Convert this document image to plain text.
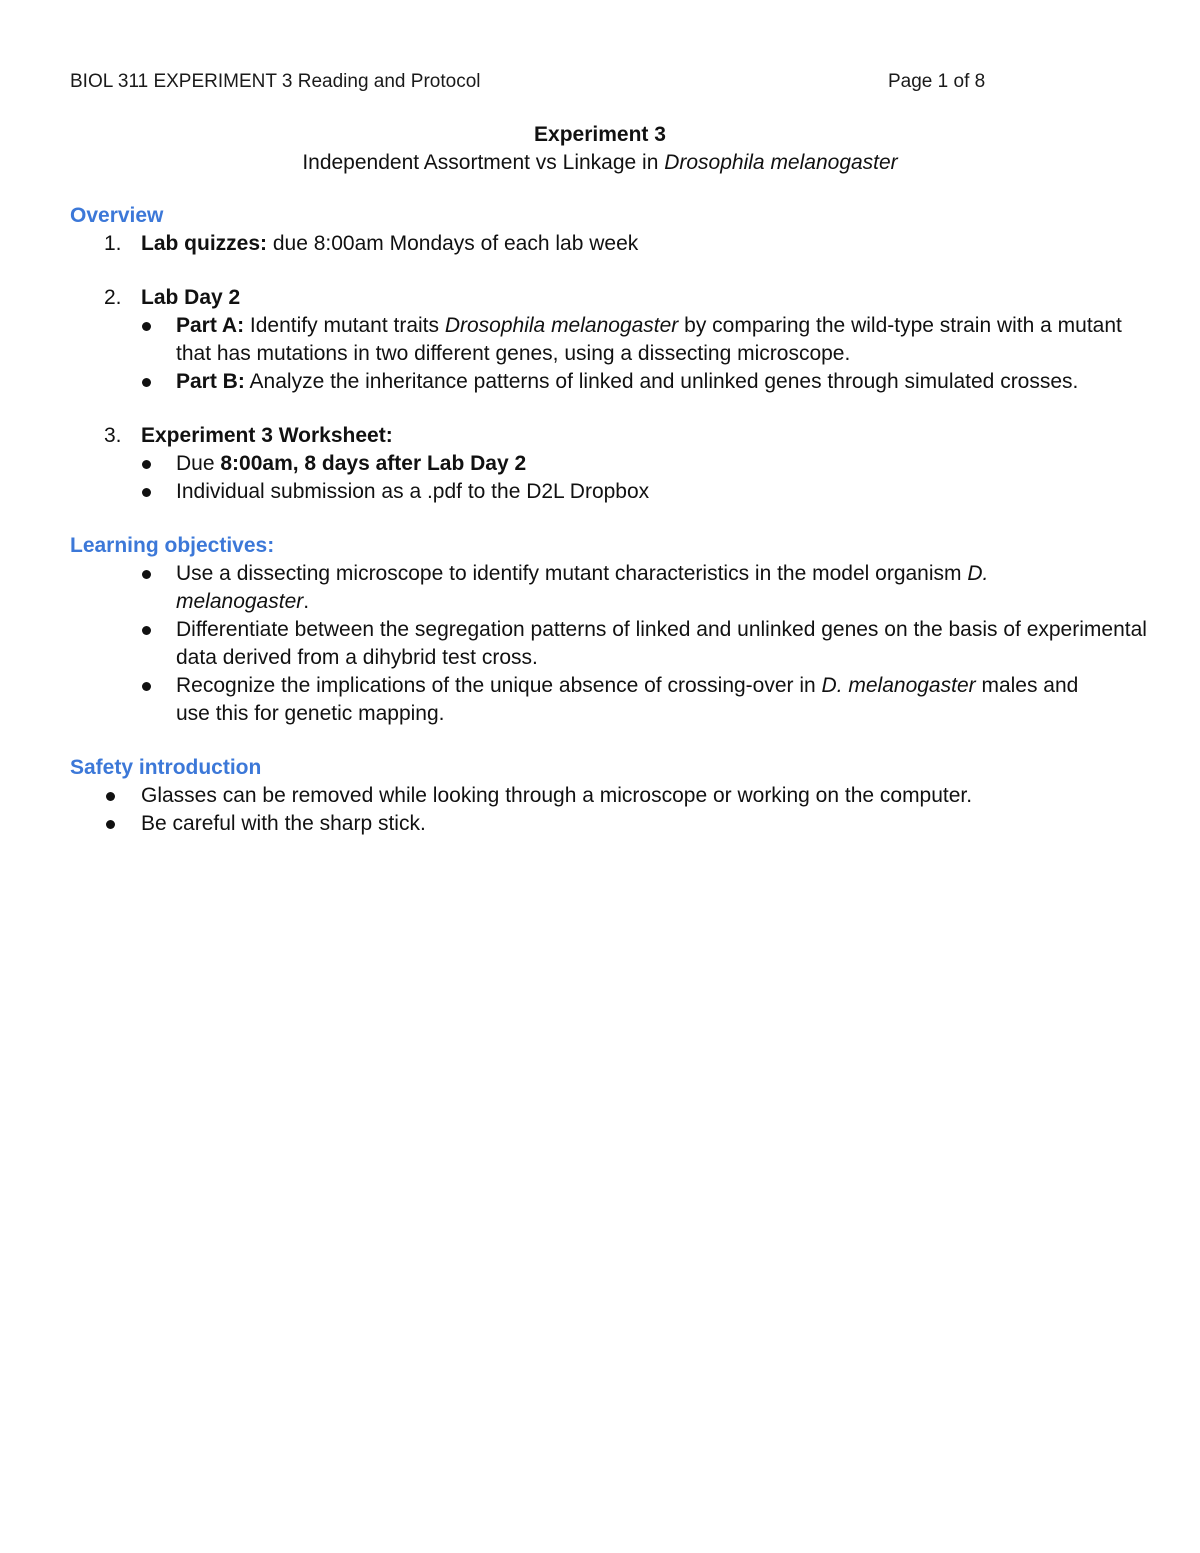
BIOL 311 EXPERIMENT 3 Reading and Protocol	Page 1 of 8
Experiment 3
Independent Assortment vs Linkage in Drosophila melanogaster
Overview
1. Lab quizzes: due 8:00am Mondays of each lab week
2. Lab Day 2
Part A: Identify mutant traits Drosophila melanogaster by comparing the wild-type strain with a mutant that has mutations in two different genes, using a dissecting microscope.
Part B: Analyze the inheritance patterns of linked and unlinked genes through simulated crosses.
3. Experiment 3 Worksheet:
Due 8:00am, 8 days after Lab Day 2
Individual submission as a .pdf to the D2L Dropbox
Learning objectives:
Use a dissecting microscope to identify mutant characteristics in the model organism D. melanogaster.
Differentiate between the segregation patterns of linked and unlinked genes on the basis of experimental data derived from a dihybrid test cross.
Recognize the implications of the unique absence of crossing-over in D. melanogaster males and use this for genetic mapping.
Safety introduction
Glasses can be removed while looking through a microscope or working on the computer.
Be careful with the sharp stick.
